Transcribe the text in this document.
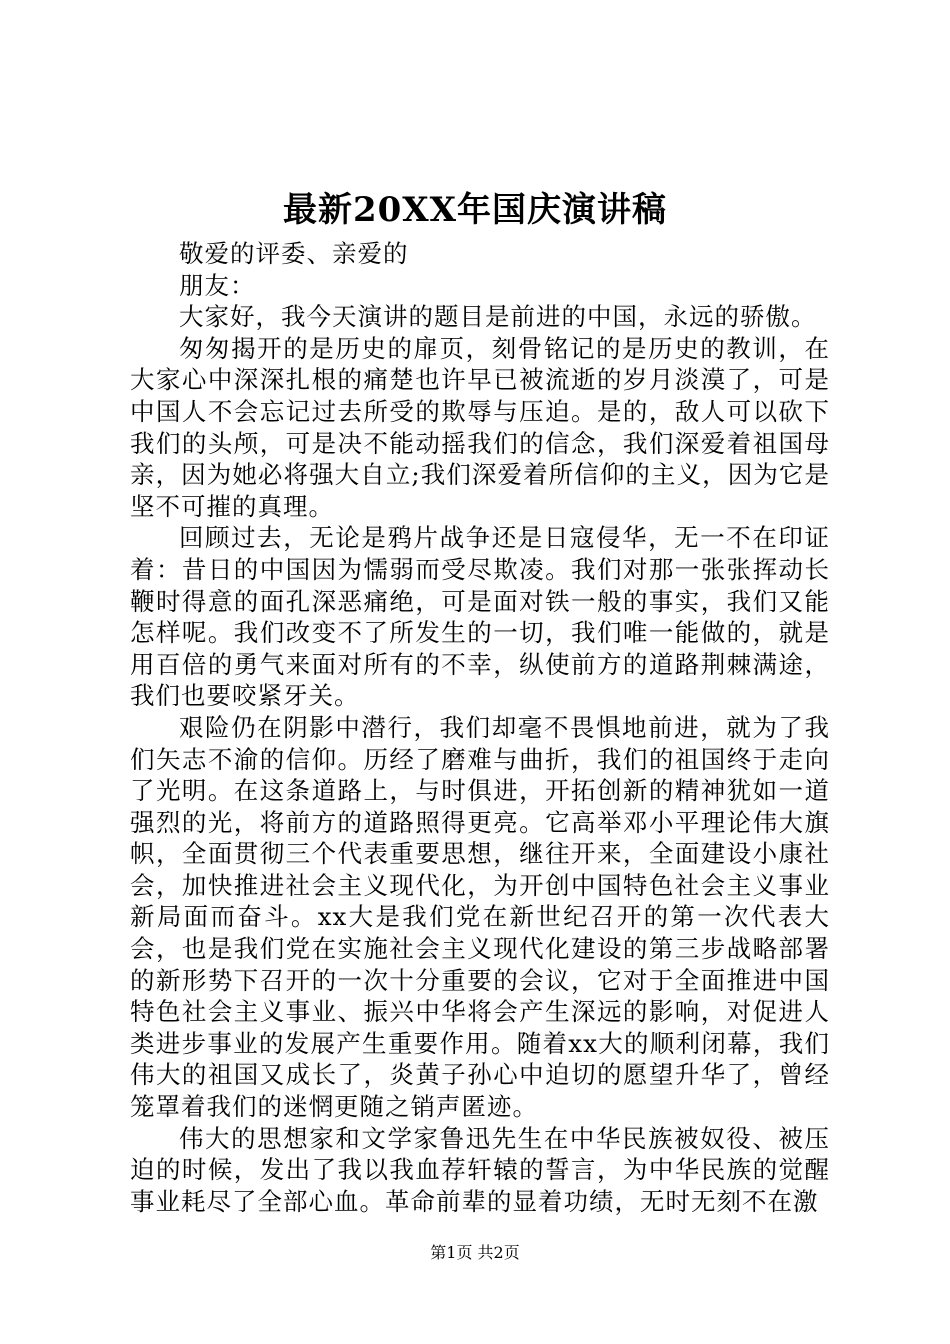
最新20XX年国庆演讲稿

敬爱的评委、亲爱的

朋友：

大家好，我今天演讲的题目是前进的中国，永远的骄傲。

匆匆揭开的是历史的扉页，刻骨铭记的是历史的教训，在大家心中深深扎根的痛楚也许早已被流逝的岁月淡漠了，可是中国人不会忘记过去所受的欺辱与压迫。是的，敌人可以砍下我们的头颅，可是决不能动摇我们的信念，我们深爱着祖国母亲，因为她必将强大自立;我们深爱着所信仰的主义，因为它是坚不可摧的真理。

回顾过去，无论是鸦片战争还是日寇侵华，无一不在印证着：昔日的中国因为懦弱而受尽欺凌。我们对那一张张挥动长鞭时得意的面孔深恶痛绝，可是面对铁一般的事实，我们又能怎样呢。我们改变不了所发生的一切，我们唯一能做的，就是用百倍的勇气来面对所有的不幸，纵使前方的道路荆棘满途，我们也要咬紧牙关。

艰险仍在阴影中潜行，我们却毫不畏惧地前进，就为了我们矢志不渝的信仰。历经了磨难与曲折，我们的祖国终于走向了光明。在这条道路上，与时俱进，开拓创新的精神犹如一道强烈的光，将前方的道路照得更亮。它高举邓小平理论伟大旗帜，全面贯彻三个代表重要思想，继往开来，全面建设小康社会，加快推进社会主义现代化，为开创中国特色社会主义事业新局面而奋斗。xx大是我们党在新世纪召开的第一次代表大会，也是我们党在实施社会主义现代化建设的第三步战略部署的新形势下召开的一次十分重要的会议，它对于全面推进中国特色社会主义事业、振兴中华将会产生深远的影响，对促进人类进步事业的发展产生重要作用。随着xx大的顺利闭幕，我们伟大的祖国又成长了，炎黄子孙心中迫切的愿望升华了，曾经笼罩着我们的迷惘更随之销声匿迹。

伟大的思想家和文学家鲁迅先生在中华民族被奴役、被压迫的时候，发出了我以我血荐轩辕的誓言，为中华民族的觉醒事业耗尽了全部心血。革命前辈的显着功绩，无时无刻不在激

第1页 共2页
